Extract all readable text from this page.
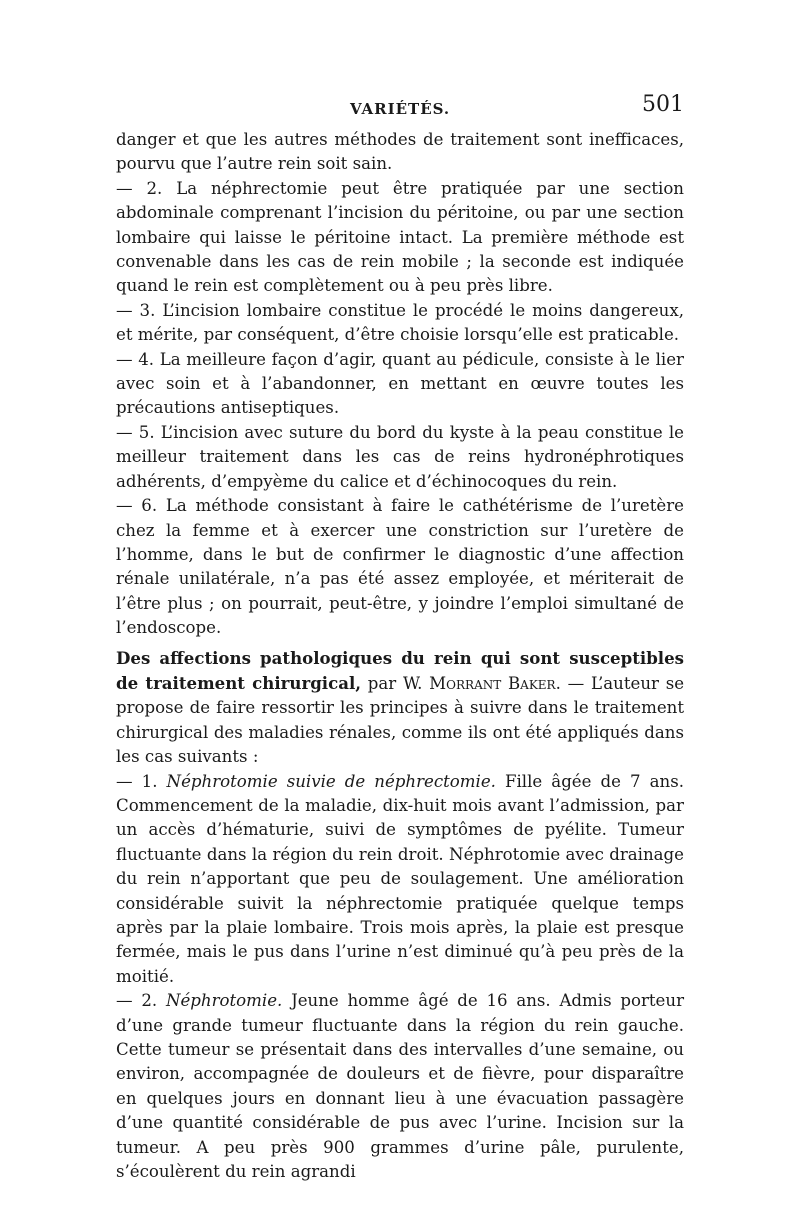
VARIÉTÉS.	501

danger et que les autres méthodes de traitement sont inefficaces, pourvu que l’autre rein soit sain.

— 2. La néphrectomie peut être pratiquée par une section abdominale comprenant l’incision du péritoine, ou par une section lombaire qui laisse le péritoine intact. La première méthode est convenable dans les cas de rein mobile ; la seconde est indiquée quand le rein est complètement ou à peu près libre.

— 3. L’incision lombaire constitue le procédé le moins dangereux, et mérite, par conséquent, d’être choisie lorsqu’elle est praticable.

— 4. La meilleure façon d’agir, quant au pédicule, consiste à le lier avec soin et à l’abandonner, en mettant en œuvre toutes les précautions antiseptiques.

— 5. L’incision avec suture du bord du kyste à la peau constitue le meilleur traitement dans les cas de reins hydronéphrotiques adhérents, d’empyème du calice et d’échinocoques du rein.

— 6. La méthode consistant à faire le cathétérisme de l’uretère chez la femme et à exercer une constriction sur l’uretère de l’homme, dans le but de confirmer le diagnostic d’une affection rénale unilatérale, n’a pas été assez employée, et mériterait de l’être plus ; on pourrait, peut-être, y joindre l’emploi simultané de l’endoscope.

Des affections pathologiques du rein qui sont susceptibles de traitement chirurgical, par W. Morrant Baker. — L’auteur se propose de faire ressortir les principes à suivre dans le traitement chirurgical des maladies rénales, comme ils ont été appliqués dans les cas suivants :

— 1. Néphrotomie suivie de néphrectomie. Fille âgée de 7 ans. Commencement de la maladie, dix-huit mois avant l’admission, par un accès d’hématurie, suivi de symptômes de pyélite. Tumeur fluctuante dans la région du rein droit. Néphrotomie avec drainage du rein n’apportant que peu de soulagement. Une amélioration considérable suivit la néphrectomie pratiquée quelque temps après par la plaie lombaire. Trois mois après, la plaie est presque fermée, mais le pus dans l’urine n’est diminué qu’à peu près de la moitié.

— 2. Néphrotomie. Jeune homme âgé de 16 ans. Admis porteur d’une grande tumeur fluctuante dans la région du rein gauche. Cette tumeur se présentait dans des intervalles d’une semaine, ou environ, accompagnée de douleurs et de fièvre, pour disparaître en quelques jours en donnant lieu à une évacuation passagère d’une quantité considérable de pus avec l’urine. Incision sur la tumeur. A peu près 900 grammes d’urine pâle, purulente, s’écoulèrent du rein agrandi
